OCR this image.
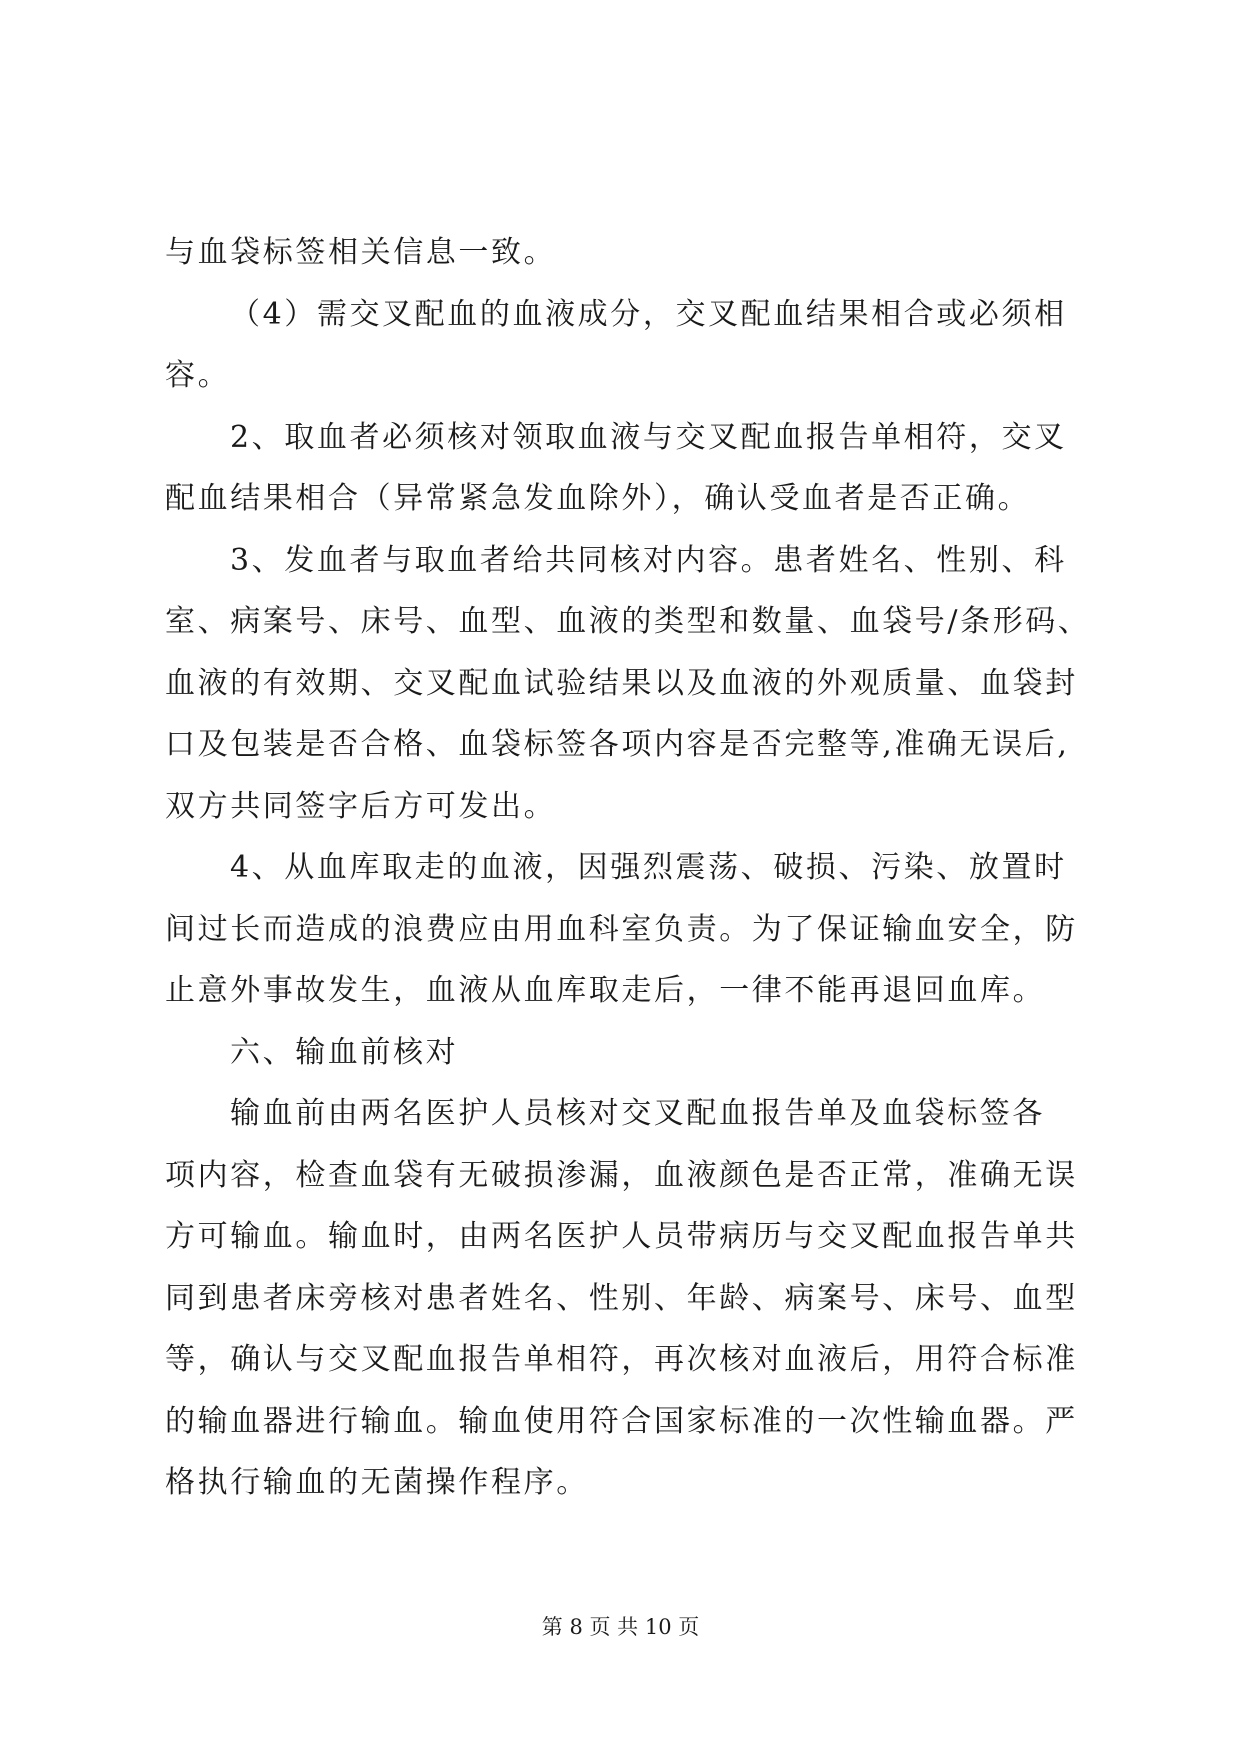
与血袋标签相关信息一致。
（4）需交叉配血的血液成分，交叉配血结果相合或必须相
容。
2、取血者必须核对领取血液与交叉配血报告单相符，交叉
配血结果相合（异常紧急发血除外），确认受血者是否正确。
3、发血者与取血者给共同核对内容。患者姓名、性别、科
室、病案号、床号、血型、血液的类型和数量、血袋号/条形码、
血液的有效期、交叉配血试验结果以及血液的外观质量、血袋封
口及包装是否合格、血袋标签各项内容是否完整等,准确无误后,
双方共同签字后方可发出。
4、从血库取走的血液，因强烈震荡、破损、污染、放置时
间过长而造成的浪费应由用血科室负责。为了保证输血安全，防
止意外事故发生，血液从血库取走后，一律不能再退回血库。
六、输血前核对
输血前由两名医护人员核对交叉配血报告单及血袋标签各
项内容，检查血袋有无破损渗漏，血液颜色是否正常，准确无误
方可输血。输血时，由两名医护人员带病历与交叉配血报告单共
同到患者床旁核对患者姓名、性别、年龄、病案号、床号、血型
等，确认与交叉配血报告单相符，再次核对血液后，用符合标准
的输血器进行输血。输血使用符合国家标准的一次性输血器。严
格执行输血的无菌操作程序。
第 8 页 共 10 页
